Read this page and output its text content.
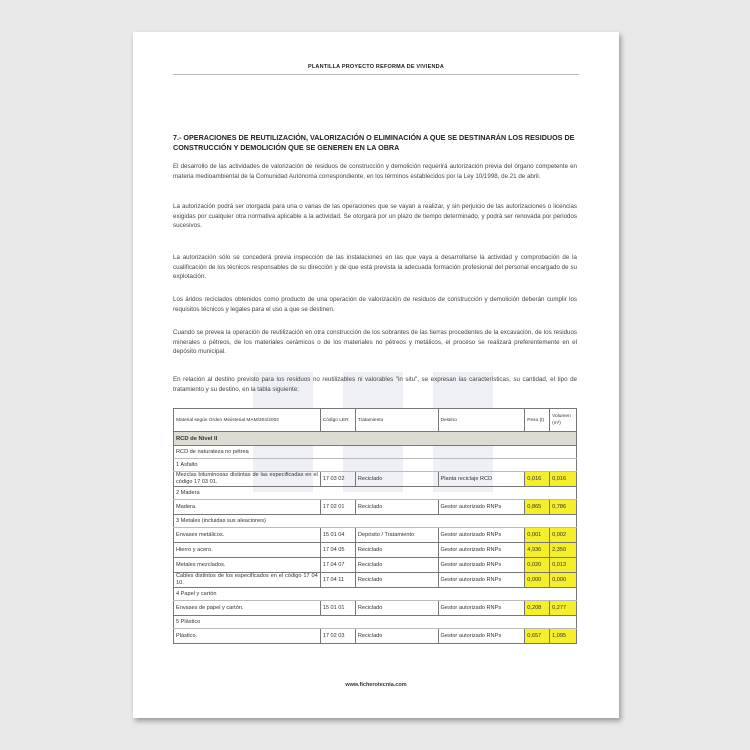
PLANTILLA PROYECTO REFORMA DE VIVIENDA
7.- OPERACIONES DE REUTILIZACIÓN, VALORIZACIÓN O ELIMINACIÓN A QUE SE DESTINARÁN LOS RESIDUOS DE CONSTRUCCIÓN Y DEMOLICIÓN QUE SE GENEREN EN LA OBRA
El desarrollo de las actividades de valorización de residuos de construcción y demolición requerirá autorización previa del órgano competente en materia medioambiental de la Comunidad Autónoma correspondiente, en los términos establecidos por la Ley 10/1998, de 21 de abril.
La autorización podrá ser otorgada para una o varias de las operaciones que se vayan a realizar, y sin perjuicio de las autorizaciones o licencias exigidas por cualquier otra normativa aplicable a la actividad. Se otorgará por un plazo de tiempo determinado, y podrá ser renovada por periodos sucesivos.
La autorización sólo se concederá previa inspección de las instalaciones en las que vaya a desarrollarse la actividad y comprobación de la cualificación de los técnicos responsables de su dirección y de que está prevista la adecuada formación profesional del personal encargado de su explotación.
Los áridos reciclados obtenidos como producto de una operación de valorización de residuos de construcción y demolición deberán cumplir los requisitos técnicos y legales para el uso a que se destinen.
Cuando se prevea la operación de reutilización en otra construcción de los sobrantes de las tierras procedentes de la excavación, de los residuos minerales o pétreos, de los materiales cerámicos o de los materiales no pétreos y metálicos, el proceso se realizará preferentemente en el depósito municipal.
En relación al destino previsto para los residuos no reutilizables ni valorables "in situ", se expresan las características, su cantidad, el tipo de tratamiento y su destino, en la tabla siguiente:
Material según Orden Ministerial MAM/304/2002	Código LER	Tratamiento	Destino	Peso (t)	Volumen (m³)
RCD de Nivel II					
RCD de naturaleza no pétrea					
1 Asfalto					
Mezclas bituminosas distintas de las especificadas en el código 17 03 01.	17 03 02	Reciclado	Planta reciclaje RCD	0,016	0,016
2 Madera					
Madera.	17 02 01	Reciclado	Gestor autorizado RNPs	0,865	0,786
3 Metales (incluidas sus aleaciones)					
Envases metálicos.	15 01 04	Depósito / Tratamiento	Gestor autorizado RNPs	0,001	0,002
Hierro y acero.	17 04 05	Reciclado	Gestor autorizado RNPs	4,936	2,350
Metales mezclados.	17 04 07	Reciclado	Gestor autorizado RNPs	0,020	0,013
Cables distintos de los especificados en el código 17 04 10.	17 04 11	Reciclado	Gestor autorizado RNPs	0,000	0,000
4 Papel y cartón					
Envases de papel y cartón.	15 01 01	Reciclado	Gestor autorizado RNPs	0,208	0,277
5 Plástico					
Plástico.	17 02 03	Reciclado	Gestor autorizado RNPs	0,657	1,095
www.ficherotecnia.com
